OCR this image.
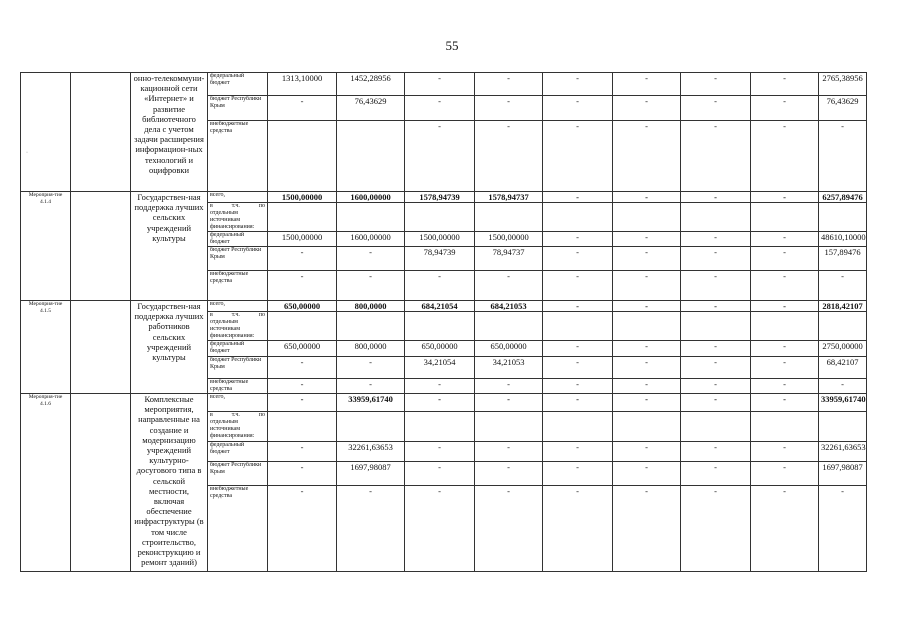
55
		онно-телекоммуни-кационной сети «Интернет» и развитие библиотечного дела с учетом задачи расширения информацион-ных технологий и оцифровки	федеральный бюджет	1313,10000	1452,28956	-	-	-	-	-	-	2765,38956
			бюджет Республики Крым	-	76,43629	-	-	-	-	-	-	76,43629
			внебюджетные средства			-	-	-	-	-	-	-
Мероприя-тие 4.1.4		Государствен-ная поддержка лучших сельских учреждений культуры	всего,	1500,00000	1600,00000	1578,94739	1578,94737	-	-	-	-	6257,89476

			в т.ч. по
отдельным источникам финансирования:									
			федеральный бюджет	1500,00000	1600,00000	1500,00000	1500,00000	-	-	-	-	48610,10000
			бюджет Республики Крым	-	-	78,94739	78,94737	-	-	-	-	157,89476
			внебюджетные средства	-	-	-	-	-	-	-	-	-
Мероприя-тие 4.1.5		Государствен-ная поддержка лучших работников сельских учреждений культуры	всего,	650,00000	800,0000	684,21054	684,21053	-	-	-	-	2818,42107

			в т.ч. по
отдельным источникам финансирования:									
			федеральный бюджет	650,00000	800,0000	650,00000	650,00000	-	-	-	-	2750,00000
			бюджет Республики Крым	-	-	34,21054	34,21053	-	-	-	-	68,42107
			внебюджетные средства	-	-	-	-	-	-	-	-	-
Мероприя-тие 4.1.6		Комплексные мероприятия, направленные на создание и модернизацию учреждений культурно-досугового типа в сельской местности, включая обеспечение инфраструктуры (в том числе строительство, реконструкцию и ремонт зданий)	всего,	-	33959,61740	-	-	-	-	-	-	33959,61740

			в т.ч. по
отдельным источникам финансирования:									
			федеральный бюджет	-	32261,63653	-	-	-	-	-	-	32261,63653
			бюджет Республики Крым	-	1697,98087	-	-	-	-	-	-	1697,98087
			внебюджетные средства	-	-	-	-	-	-	-	-	-
·
